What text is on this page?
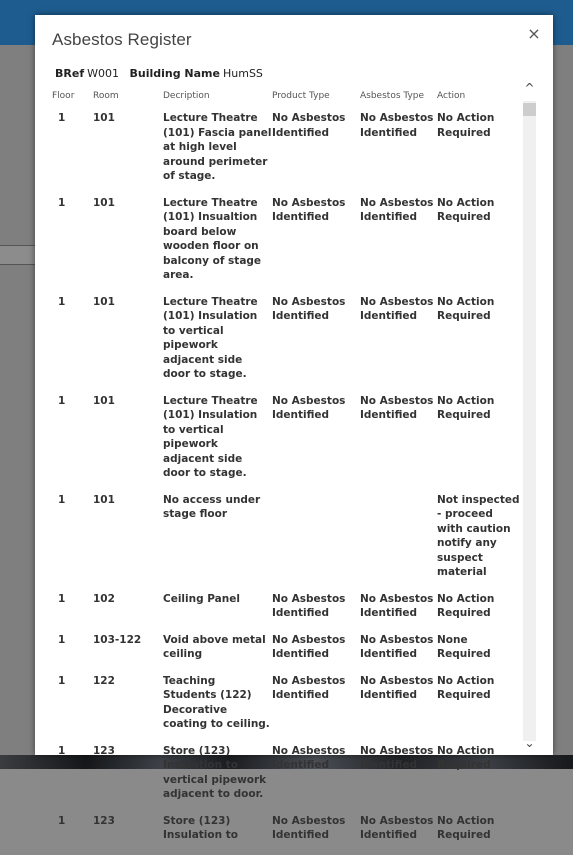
Asbestos Register	×
BRef W001 Building Name HumSS
Floor	Room	Decription	Product Type	Asbestos Type	Action
1	101	Lecture Theatre (101) Fascia panel at high level around perimeter of stage.	No Asbestos Identified	No Asbestos Identified	No Action Required
1	101	Lecture Theatre (101) Insualtion board below wooden floor on balcony of stage area.	No Asbestos Identified	No Asbestos Identified	No Action Required
1	101	Lecture Theatre (101) Insulation to vertical pipework adjacent side door to stage.	No Asbestos Identified	No Asbestos Identified	No Action Required
1	101	Lecture Theatre (101) Insulation to vertical pipework adjacent side door to stage.	No Asbestos Identified	No Asbestos Identified	No Action Required
1	101	No access under stage floor			Not inspected - proceed with caution notify any suspect material
1	102	Ceiling Panel	No Asbestos Identified	No Asbestos Identified	No Action Required
1	103-122	Void above metal ceiling	No Asbestos Identified	No Asbestos Identified	None Required
1	122	Teaching Students (122) Decorative coating to ceiling.	No Asbestos Identified	No Asbestos Identified	No Action Required
1	123	Store (123) Insulation to vertical pipework adjacent to door.	No Asbestos Identified	No Asbestos Identified	No Action Required
1	123	Store (123) Insulation to	No Asbestos Identified	No Asbestos Identified	No Action Required
^
⌄
